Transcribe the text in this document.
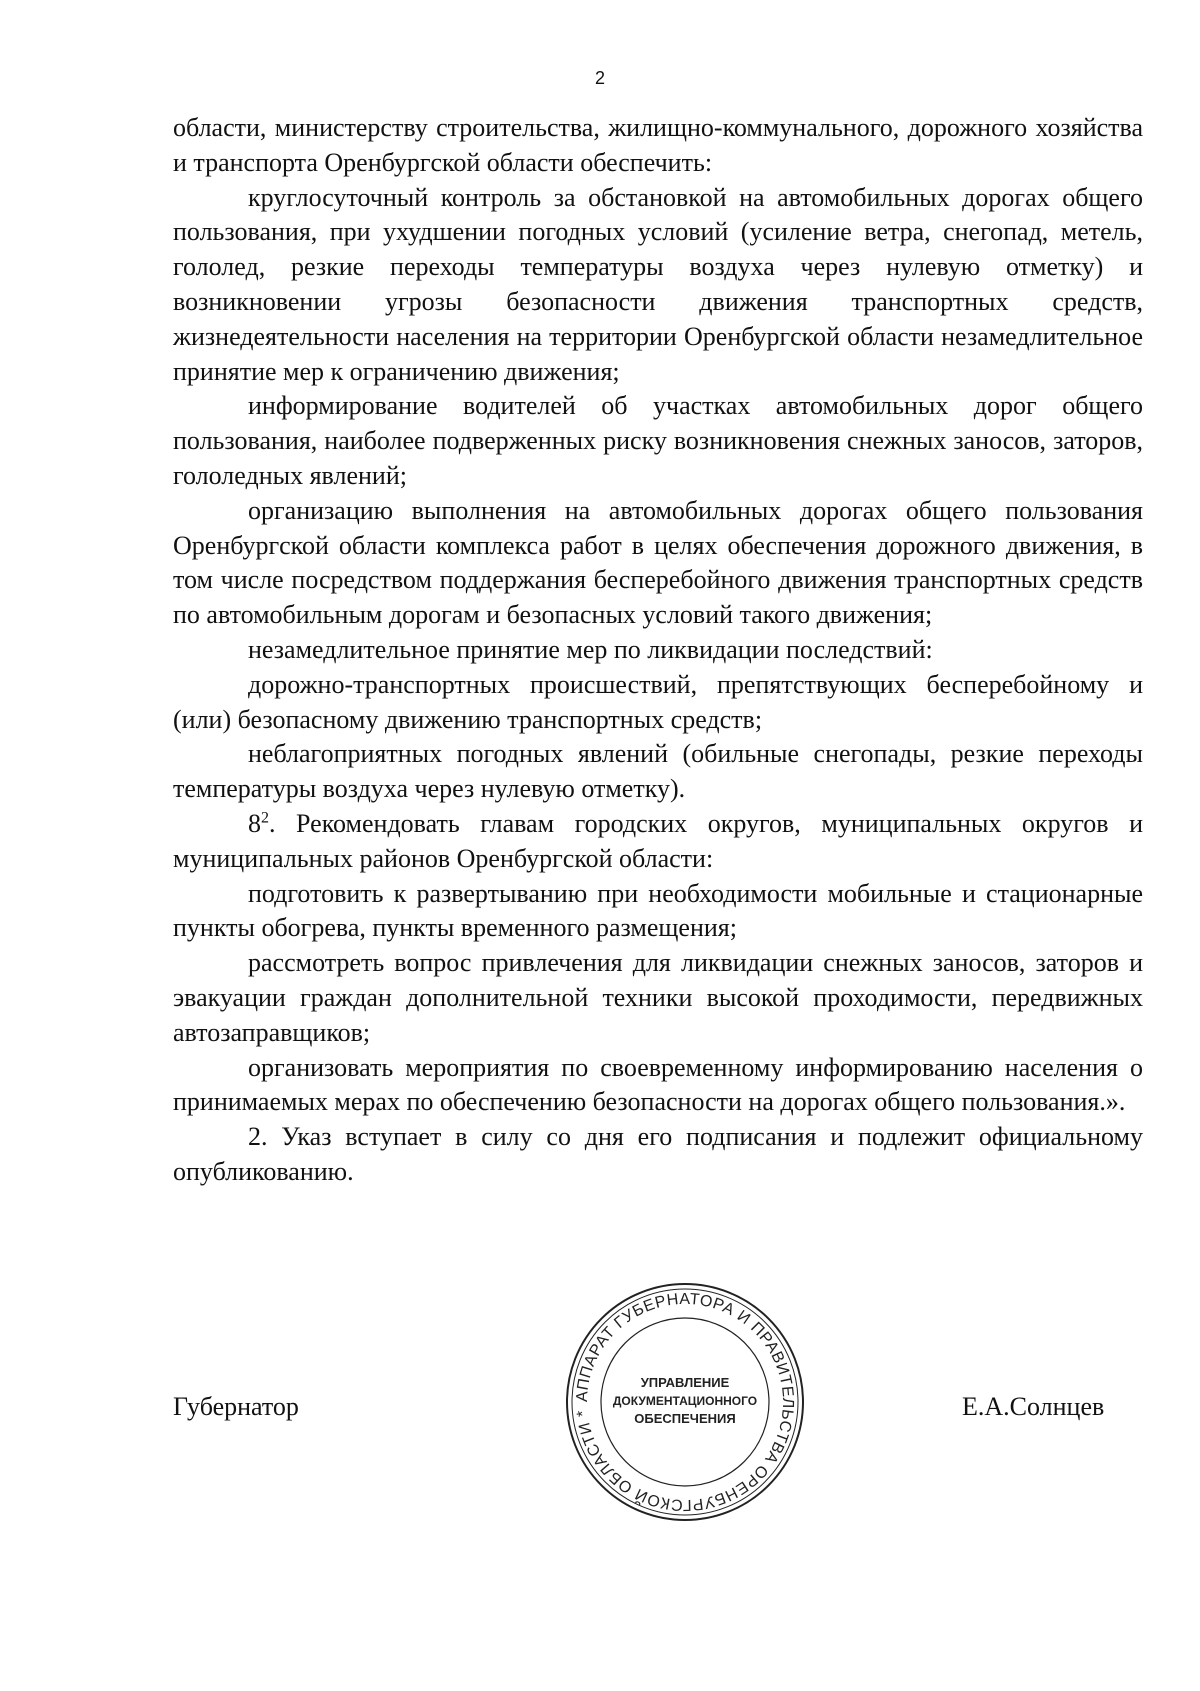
2

области, министерству строительства, жилищно-коммунального, дорожного хозяйства и транспорта Оренбургской области обеспечить:

круглосуточный контроль за обстановкой на автомобильных дорогах общего пользования, при ухудшении погодных условий (усиление ветра, снегопад, метель, гололед, резкие переходы температуры воздуха через нулевую отметку) и возникновении угрозы безопасности движения транспортных средств, жизнедеятельности населения на территории Оренбургской области незамедлительное принятие мер к ограничению движения;

информирование водителей об участках автомобильных дорог общего пользования, наиболее подверженных риску возникновения снежных заносов, заторов, гололедных явлений;

организацию выполнения на автомобильных дорогах общего пользования Оренбургской области комплекса работ в целях обеспечения дорожного движения, в том числе посредством поддержания бесперебойного движения транспортных средств по автомобильным дорогам и безопасных условий такого движения;

незамедлительное принятие мер по ликвидации последствий:

дорожно-транспортных происшествий, препятствующих бесперебойному и (или) безопасному движению транспортных средств;

неблагоприятных погодных явлений (обильные снегопады, резкие переходы температуры воздуха через нулевую отметку).

$8^2$. Рекомендовать главам городских округов, муниципальных округов и муниципальных районов Оренбургской области:

подготовить к развертыванию при необходимости мобильные и стационарные пункты обогрева, пункты временного размещения;

рассмотреть вопрос привлечения для ликвидации снежных заносов, заторов и эвакуации граждан дополнительной техники высокой проходимости, передвижных автозаправщиков;

организовать мероприятия по своевременному информированию населения о принимаемых мерах по обеспечению безопасности на дорогах общего пользования.».

2. Указ вступает в силу со дня его подписания и подлежит официальному опубликованию.

Губернатор	Е.А.Солнцев
АППАРАТ ГУБЕРНАТОРА И ПРАВИТЕЛЬСТВА ОРЕНБУРГСКОЙ ОБЛАСТИ *
УПРАВЛЕНИЕ
ДОКУМЕНТАЦИОННОГО
ОБЕСПЕЧЕНИЯ
